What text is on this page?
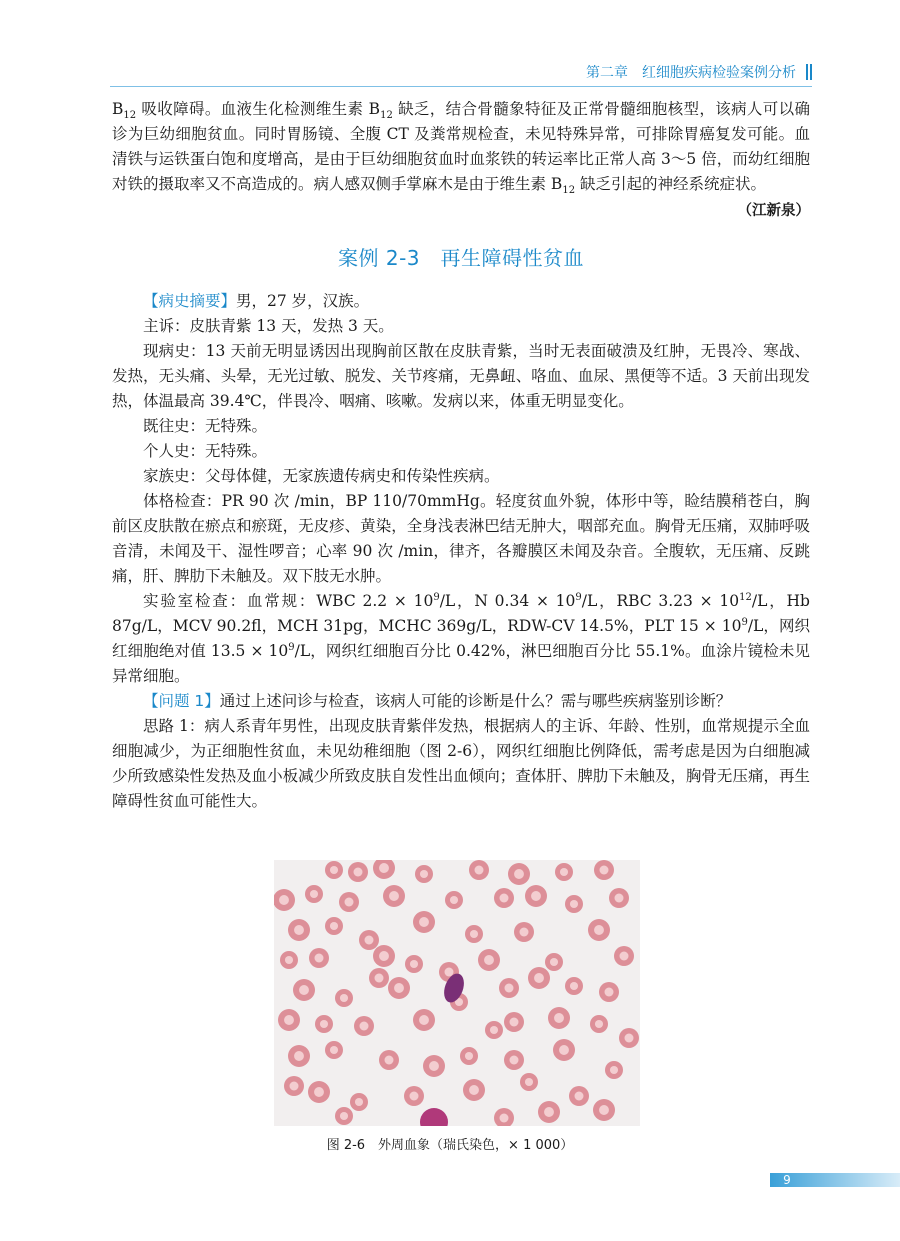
第二章 红细胞疾病检验案例分析

$B_{12}$ 吸收障碍。血液生化检测维生素 $B_{12}$ 缺乏，结合骨髓象特征及正常骨髓细胞核型，该病人可以确诊为巨幼细胞贫血。同时胃肠镜、全腹 CT 及粪常规检查，未见特殊异常，可排除胃癌复发可能。血清铁与运铁蛋白饱和度增高，是由于巨幼细胞贫血时血浆铁的转运率比正常人高 3～5 倍，而幼红细胞对铁的摄取率又不高造成的。病人感双侧手掌麻木是由于维生素 $B_{12}$ 缺乏引起的神经系统症状。

（江新泉）

案例 2-3　再生障碍性贫血

【病史摘要】男，27 岁，汉族。

主诉：皮肤青紫 13 天，发热 3 天。

现病史：13 天前无明显诱因出现胸前区散在皮肤青紫，当时无表面破溃及红肿，无畏冷、寒战、发热，无头痛、头晕，无光过敏、脱发、关节疼痛，无鼻衄、咯血、血尿、黑便等不适。3 天前出现发热，体温最高 39.4℃，伴畏冷、咽痛、咳嗽。发病以来，体重无明显变化。

既往史：无特殊。

个人史：无特殊。

家族史：父母体健，无家族遗传病史和传染性疾病。

体格检查：PR 90 次 /min，BP 110/70mmHg。轻度贫血外貌，体形中等，睑结膜稍苍白，胸前区皮肤散在瘀点和瘀斑，无皮疹、黄染，全身浅表淋巴结无肿大，咽部充血。胸骨无压痛，双肺呼吸音清，未闻及干、湿性啰音；心率 90 次 /min，律齐，各瓣膜区未闻及杂音。全腹软，无压痛、反跳痛，肝、脾肋下未触及。双下肢无水肿。

实验室检查：血常规：WBC $2.2 \times 10^9/L$，N $0.34 \times 10^9/L$，RBC $3.23 \times 10^{12}/L$，Hb 87g/L，MCV 90.2fl，MCH 31pg，MCHC 369g/L，RDW-CV 14.5%，PLT $15 \times 10^9/L$，网织红细胞绝对值 $13.5 \times 10^9/L$，网织红细胞百分比 0.42%，淋巴细胞百分比 55.1%。血涂片镜检未见异常细胞。

【问题 1】通过上述问诊与检查，该病人可能的诊断是什么？需与哪些疾病鉴别诊断？

思路 1：病人系青年男性，出现皮肤青紫伴发热，根据病人的主诉、年龄、性别，血常规提示全血细胞减少，为正细胞性贫血，未见幼稚细胞（图 2-6），网织红细胞比例降低，需考虑是因为白细胞减少所致感染性发热及血小板减少所致皮肤自发性出血倾向；查体肝、脾肋下未触及，胸骨无压痛，再生障碍性贫血可能性大。

图 2-6　外周血象（瑞氏染色，× 1 000）
9
